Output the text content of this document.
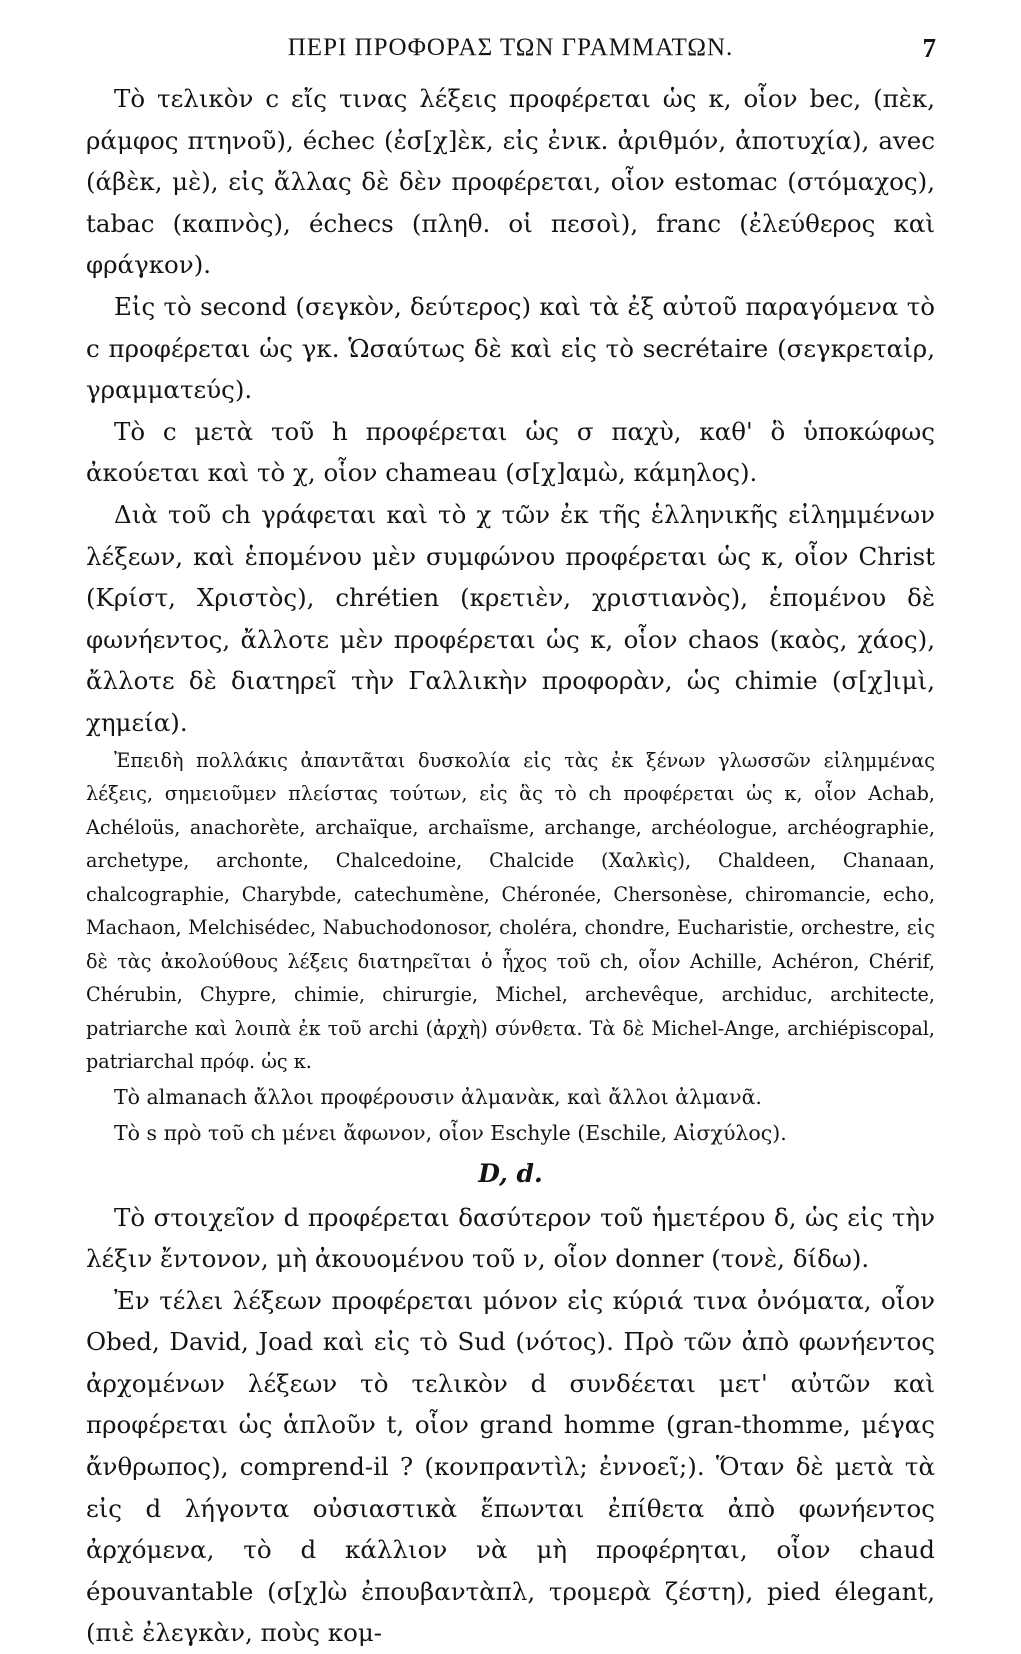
ΠΕΡΙ ΠΡΟΦΟΡΑΣ ΤΩΝ ΓΡΑΜΜΑΤΩΝ.	7

Τὸ τελικὸν c εἴς τινας λέξεις προφέρεται ὡς κ, οἷον bec, (πὲκ, ράμφος πτηνοῦ), échec (ἐσ[χ]ὲκ, εἰς ἐνικ. ἀριθμόν, ἀποτυχία), avec (άβὲκ, μὲ), εἰς ἄλλας δὲ δὲν προφέρεται, οἷον estomac (στόμαχος), tabac (καπνὸς), échecs (πληθ. οἱ πεσοὶ), franc (ἐλεύθερος καὶ φράγκον).

Εἰς τὸ second (σεγκὸν, δεύτερος) καὶ τὰ ἐξ αὐτοῦ παραγόμενα τὸ c προφέρεται ὡς γκ. Ὡσαύτως δὲ καὶ εἰς τὸ secrétaire (σεγκρεταἰρ, γραμματεύς).

Τὸ c μετὰ τοῦ h προφέρεται ὡς σ παχὺ, καθ' ὃ ὑποκώφως ἀκούεται καὶ τὸ χ, οἷον chameau (σ[χ]αμὼ, κάμηλος).

Διὰ τοῦ ch γράφεται καὶ τὸ χ τῶν ἐκ τῆς ἑλληνικῆς εἰλημμένων λέξεων, καὶ ἑπομένου μὲν συμφώνου προφέρεται ὡς κ, οἷον Christ (Κρίστ, Χριστὸς), chrétien (κρετιὲν, χριστιανὸς), ἑπομένου δὲ φωνήεντος, ἄλλοτε μὲν προφέρεται ὡς κ, οἷον chaos (καὸς, χάος), ἄλλοτε δὲ διατηρεῖ τὴν Γαλλικὴν προφορὰν, ὡς chimie (σ[χ]ιμὶ, χημεία).

Ἐπειδὴ πολλάκις ἀπαντᾶται δυσκολία εἰς τὰς ἐκ ξένων γλωσσῶν εἰλημμένας λέξεις, σημειοῦμεν πλείστας τούτων, εἰς ἃς τὸ ch προφέρεται ὡς κ, οἷον Achab, Achéloüs, anachorète, archaïque, archaïsme, archange, archéologue, archéographie, archetype, archonte, Chalcedoine, Chalcide (Χαλκὶς), Chaldeen, Chanaan, chalcographie, Charybde, catechumène, Chéronée, Chersonèse, chiromancie, echo, Machaon, Melchisédec, Nabuchodonosor, choléra, chondre, Eucharistie, orchestre, εἰς δὲ τὰς ἀκολούθους λέξεις διατηρεῖται ὁ ἦχος τοῦ ch, οἷον Achille, Achéron, Chérif, Chérubin, Chypre, chimie, chirurgie, Michel, archevêque, archiduc, architecte, patriarche καὶ λοιπὰ ἐκ τοῦ archi (ἀρχὴ) σύνθετα. Τὰ δὲ Michel-Ange, archiépiscopal, patriarchal πρόφ. ὡς κ.

Τὸ almanach ἄλλοι προφέρουσιν ἀλμανὰκ, καὶ ἄλλοι ἀλμανᾶ.

Τὸ s πρὸ τοῦ ch μένει ἄφωνον, οἷον Eschyle (Eschile, Αἰσχύλος).

D, d.

Τὸ στοιχεῖον d προφέρεται δασύτερον τοῦ ἡμετέρου δ, ὡς εἰς τὴν λέξιν ἔντονον, μὴ ἀκουομένου τοῦ ν, οἷον donner (τονὲ, δίδω).

Ἐν τέλει λέξεων προφέρεται μόνον εἰς κύριά τινα ὀνόματα, οἷον Obed, David, Joad καὶ εἰς τὸ Sud (νότος). Πρὸ τῶν ἀπὸ φωνήεντος ἀρχομένων λέξεων τὸ τελικὸν d συνδέεται μετ' αὐτῶν καὶ προφέρεται ὡς ἁπλοῦν t, οἷον grand homme (gran-thomme, μέγας ἄνθρωπος), comprend-il ? (κονπραντὶλ; ἐννοεῖ;). Ὅταν δὲ μετὰ τὰ εἰς d λήγοντα οὐσιαστικὰ ἕπωνται ἐπίθετα ἀπὸ φωνήεντος ἀρχόμενα, τὸ d κάλλιον νὰ μὴ προφέρηται, οἷον chaud épouvantable (σ[χ]ὼ ἐπουβαντὰπλ, τρομερὰ ζέστη), pied élegant, (πιὲ ἐλεγκὰν, ποὺς κομ-
